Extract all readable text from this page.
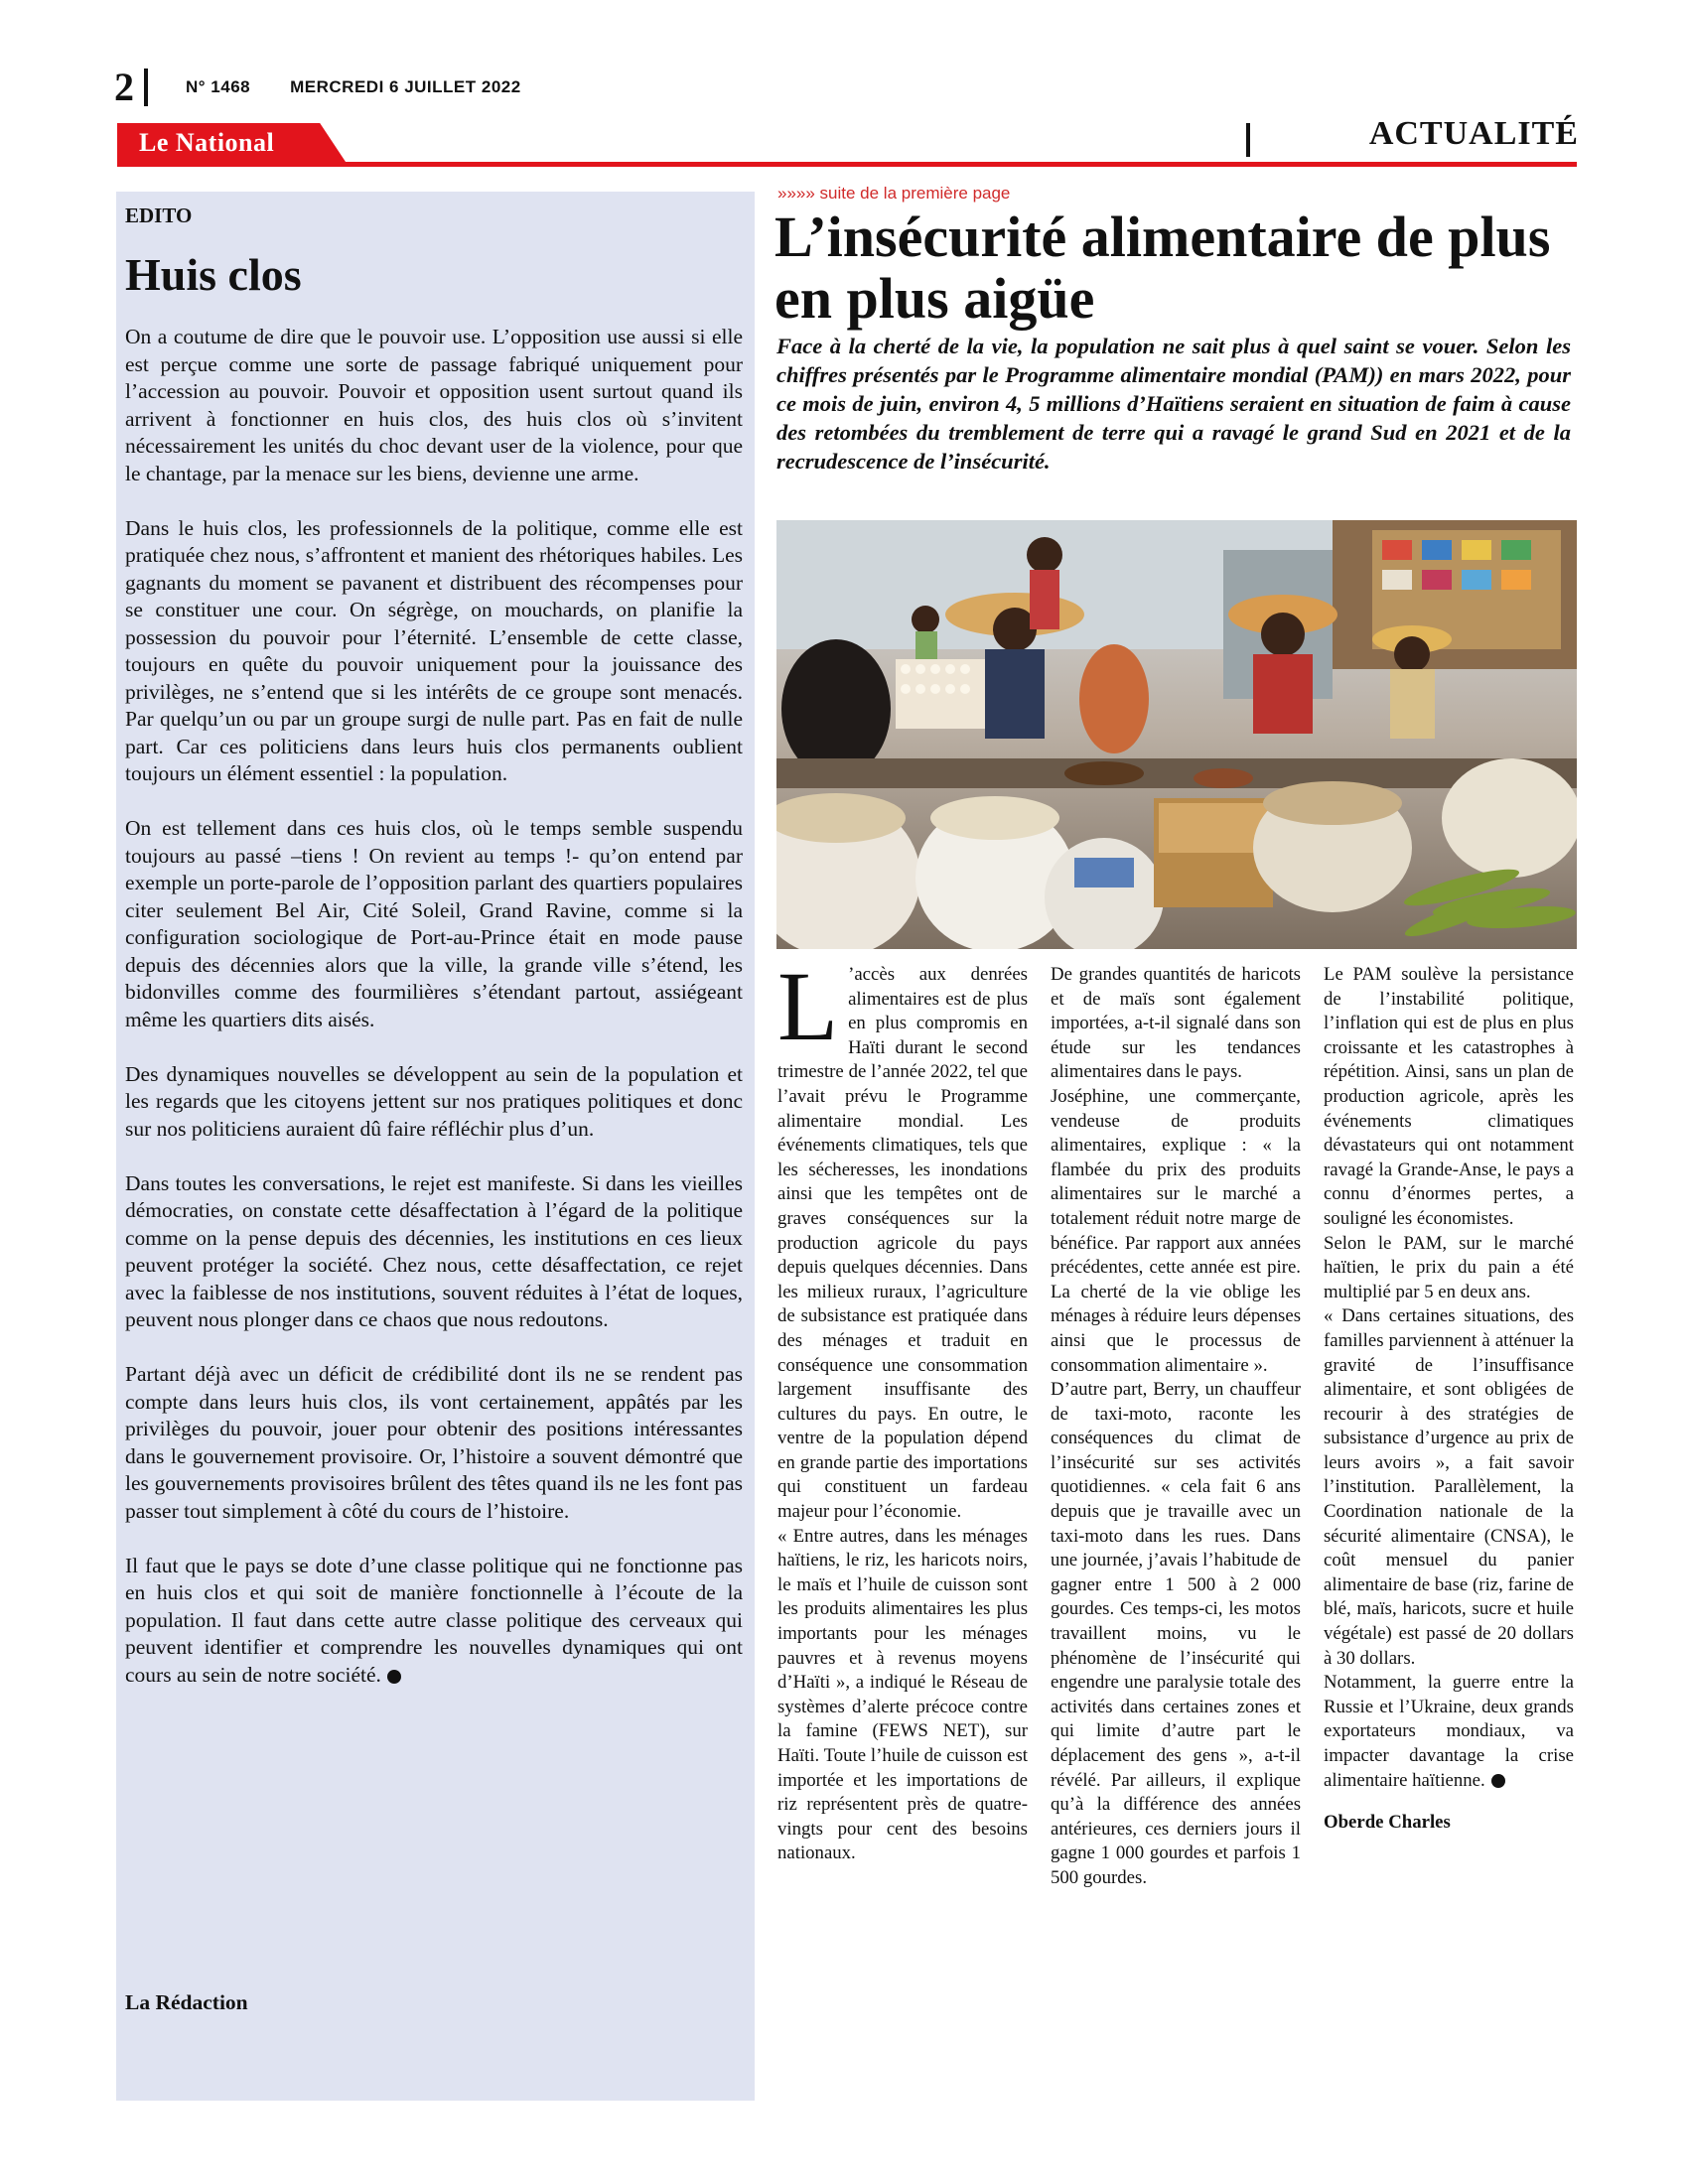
2	N° 1468 MERCREDI 6 JUILLET 2022
Le National	ACTUALITÉ
EDITO
Huis clos

On a coutume de dire que le pouvoir use. L’opposition use aussi si elle est perçue comme une sorte de passage fabriqué uniquement pour l’accession au pouvoir. Pouvoir et opposition usent surtout quand ils arrivent à fonctionner en huis clos, des huis clos où s’invitent nécessairement les unités du choc devant user de la violence, pour que le chantage, par la menace sur les biens, devienne une arme.

Dans le huis clos, les professionnels de la politique, comme elle est pratiquée chez nous, s’affrontent et manient des rhétoriques habiles. Les gagnants du moment se pavanent et distribuent des récompenses pour se constituer une cour. On ségrège, on mouchards, on planifie la possession du pouvoir pour l’éternité. L’ensemble de cette classe, toujours en quête du pouvoir uniquement pour la jouissance des privilèges, ne s’entend que si les intérêts de ce groupe sont menacés. Par quelqu’un ou par un groupe surgi de nulle part. Pas en fait de nulle part. Car ces politiciens dans leurs huis clos permanents oublient toujours un élément essentiel : la population.

On est tellement dans ces huis clos, où le temps semble suspendu toujours au passé –tiens ! On revient au temps !- qu’on entend par exemple un porte-parole de l’opposition parlant des quartiers populaires citer seulement Bel Air, Cité Soleil, Grand Ravine, comme si la configuration sociologique de Port-au-Prince était en mode pause depuis des décennies alors que la ville, la grande ville s’étend, les bidonvilles comme des fourmilières s’étendant partout, assiégeant même les quartiers dits aisés.

Des dynamiques nouvelles se développent au sein de la population et les regards que les citoyens jettent sur nos pratiques politiques et donc sur nos politiciens auraient dû faire réfléchir plus d’un.

Dans toutes les conversations, le rejet est manifeste. Si dans les vieilles démocraties, on constate cette désaffectation à l’égard de la politique comme on la pense depuis des décennies, les institutions en ces lieux peuvent protéger la société. Chez nous, cette désaffectation, ce rejet avec la faiblesse de nos institutions, souvent réduites à l’état de loques, peuvent nous plonger dans ce chaos que nous redoutons.

Partant déjà avec un déficit de crédibilité dont ils ne se rendent pas compte dans leurs huis clos, ils vont certainement, appâtés par les privilèges du pouvoir, jouer pour obtenir des positions intéressantes dans le gouvernement provisoire. Or, l’histoire a souvent démontré que les gouvernements provisoires brûlent des têtes quand ils ne les font pas passer tout simplement à côté du cours de l’histoire.

Il faut que le pays se dote d’une classe politique qui ne fonctionne pas en huis clos et qui soit de manière fonctionnelle à l’écoute de la population. Il faut dans cette autre classe politique des cerveaux qui peuvent identifier et comprendre les nouvelles dynamiques qui ont cours au sein de notre société.

La Rédaction
»»»» suite de la première page
L’insécurité alimentaire de plus en plus aigüe

Face à la cherté de la vie, la population ne sait plus à quel saint se vouer. Selon les chiffres présentés par le Programme alimentaire mondial (PAM)) en mars 2022, pour ce mois de juin, environ 4, 5 millions d’Haïtiens seraient en situation de faim à cause des retombées du tremblement de terre qui a ravagé le grand Sud en 2021 et de la recrudescence de l’insécurité.

L ’accès aux denrées alimentaires est de plus en plus compromis en Haïti durant le second trimestre de l’année 2022, tel que l’avait prévu le Programme alimentaire mondial. Les événements climatiques, tels que les sécheresses, les inondations ainsi que les tempêtes ont de graves conséquences sur la production agricole du pays depuis quelques décennies. Dans les milieux ruraux, l’agriculture de subsistance est pratiquée dans des ménages et traduit en conséquence une consommation largement insuffisante des cultures du pays. En outre, le ventre de la population dépend en grande partie des importations qui constituent un fardeau majeur pour l’économie.

« Entre autres, dans les ménages haïtiens, le riz, les haricots noirs, le maïs et l’huile de cuisson sont les produits alimentaires les plus importants pour les ménages pauvres et à revenus moyens d’Haïti », a indiqué le Réseau de systèmes d’alerte précoce contre la famine (FEWS NET), sur Haïti. Toute l’huile de cuisson est importée et les importations de riz représentent près de quatre-vingts pour cent des besoins nationaux.

De grandes quantités de haricots et de maïs sont également importées, a-t-il signalé dans son étude sur les tendances alimentaires dans le pays.

Joséphine, une commerçante, vendeuse de produits alimentaires, explique : « la flambée du prix des produits alimentaires sur le marché a totalement réduit notre marge de bénéfice. Par rapport aux années précédentes, cette année est pire. La cherté de la vie oblige les ménages à réduire leurs dépenses ainsi que le processus de consommation alimentaire ».

D’autre part, Berry, un chauffeur de taxi-moto, raconte les conséquences du climat de l’insécurité sur ses activités quotidiennes. « cela fait 6 ans depuis que je travaille avec un taxi-moto dans les rues. Dans une journée, j’avais l’habitude de gagner entre 1 500 à 2 000 gourdes. Ces temps-ci, les motos travaillent moins, vu le phénomène de l’insécurité qui engendre une paralysie totale des activités dans certaines zones et qui limite d’autre part le déplacement des gens », a-t-il révélé. Par ailleurs, il explique qu’à la différence des années antérieures, ces derniers jours il gagne 1 000 gourdes et parfois 1 500 gourdes.

Le PAM soulève la persistance de l’instabilité politique, l’inflation qui est de plus en plus croissante et les catastrophes à répétition. Ainsi, sans un plan de production agricole, après les événements climatiques dévastateurs qui ont notamment ravagé la Grande-Anse, le pays a connu d’énormes pertes, a souligné les économistes.

Selon le PAM, sur le marché haïtien, le prix du pain a été multiplié par 5 en deux ans.

« Dans certaines situations, des familles parviennent à atténuer la gravité de l’insuffisance alimentaire, et sont obligées de recourir à des stratégies de subsistance d’urgence au prix de leurs avoirs », a fait savoir l’institution. Parallèlement, la Coordination nationale de la sécurité alimentaire (CNSA), le coût mensuel du panier alimentaire de base (riz, farine de blé, maïs, haricots, sucre et huile végétale) est passé de 20 dollars à 30 dollars.

Notamment, la guerre entre la Russie et l’Ukraine, deux grands exportateurs mondiaux, va impacter davantage la crise alimentaire haïtienne.

Oberde Charles
